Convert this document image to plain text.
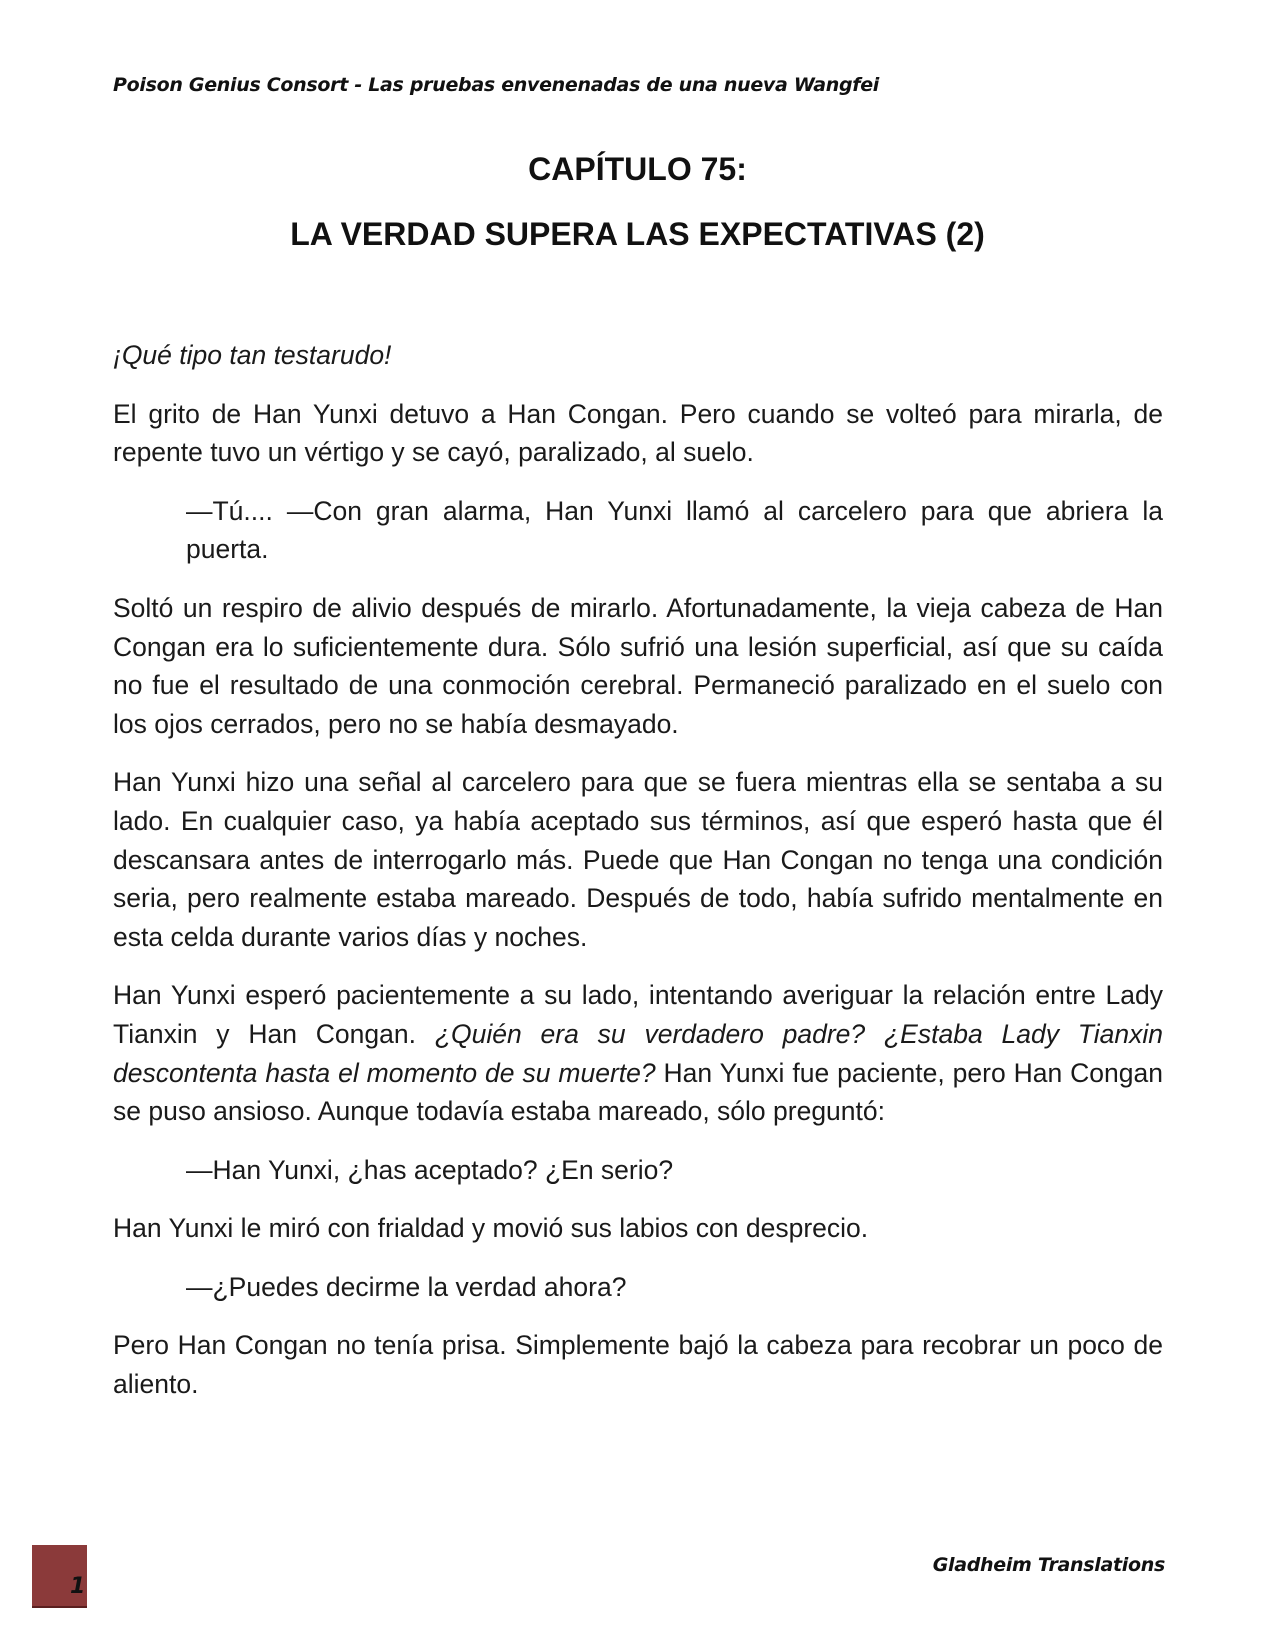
Poison Genius Consort - Las pruebas envenenadas de una nueva Wangfei
CAPÍTULO 75:
LA VERDAD SUPERA LAS EXPECTATIVAS (2)

¡Qué tipo tan testarudo!

El grito de Han Yunxi detuvo a Han Congan. Pero cuando se volteó para mirarla, de repente tuvo un vértigo y se cayó, paralizado, al suelo.

—Tú.... —Con gran alarma, Han Yunxi llamó al carcelero para que abriera la puerta.

Soltó un respiro de alivio después de mirarlo. Afortunadamente, la vieja cabeza de Han Congan era lo suficientemente dura. Sólo sufrió una lesión superficial, así que su caída no fue el resultado de una conmoción cerebral. Permaneció paralizado en el suelo con los ojos cerrados, pero no se había desmayado.

Han Yunxi hizo una señal al carcelero para que se fuera mientras ella se sentaba a su lado. En cualquier caso, ya había aceptado sus términos, así que esperó hasta que él descansara antes de interrogarlo más. Puede que Han Congan no tenga una condición seria, pero realmente estaba mareado. Después de todo, había sufrido mentalmente en esta celda durante varios días y noches.

Han Yunxi esperó pacientemente a su lado, intentando averiguar la relación entre Lady Tianxin y Han Congan. ¿Quién era su verdadero padre? ¿Estaba Lady Tianxin descontenta hasta el momento de su muerte? Han Yunxi fue paciente, pero Han Congan se puso ansioso. Aunque todavía estaba mareado, sólo preguntó:

—Han Yunxi, ¿has aceptado? ¿En serio?

Han Yunxi le miró con frialdad y movió sus labios con desprecio.

—¿Puedes decirme la verdad ahora?

Pero Han Congan no tenía prisa. Simplemente bajó la cabeza para recobrar un poco de aliento.

1
Gladheim Translations
